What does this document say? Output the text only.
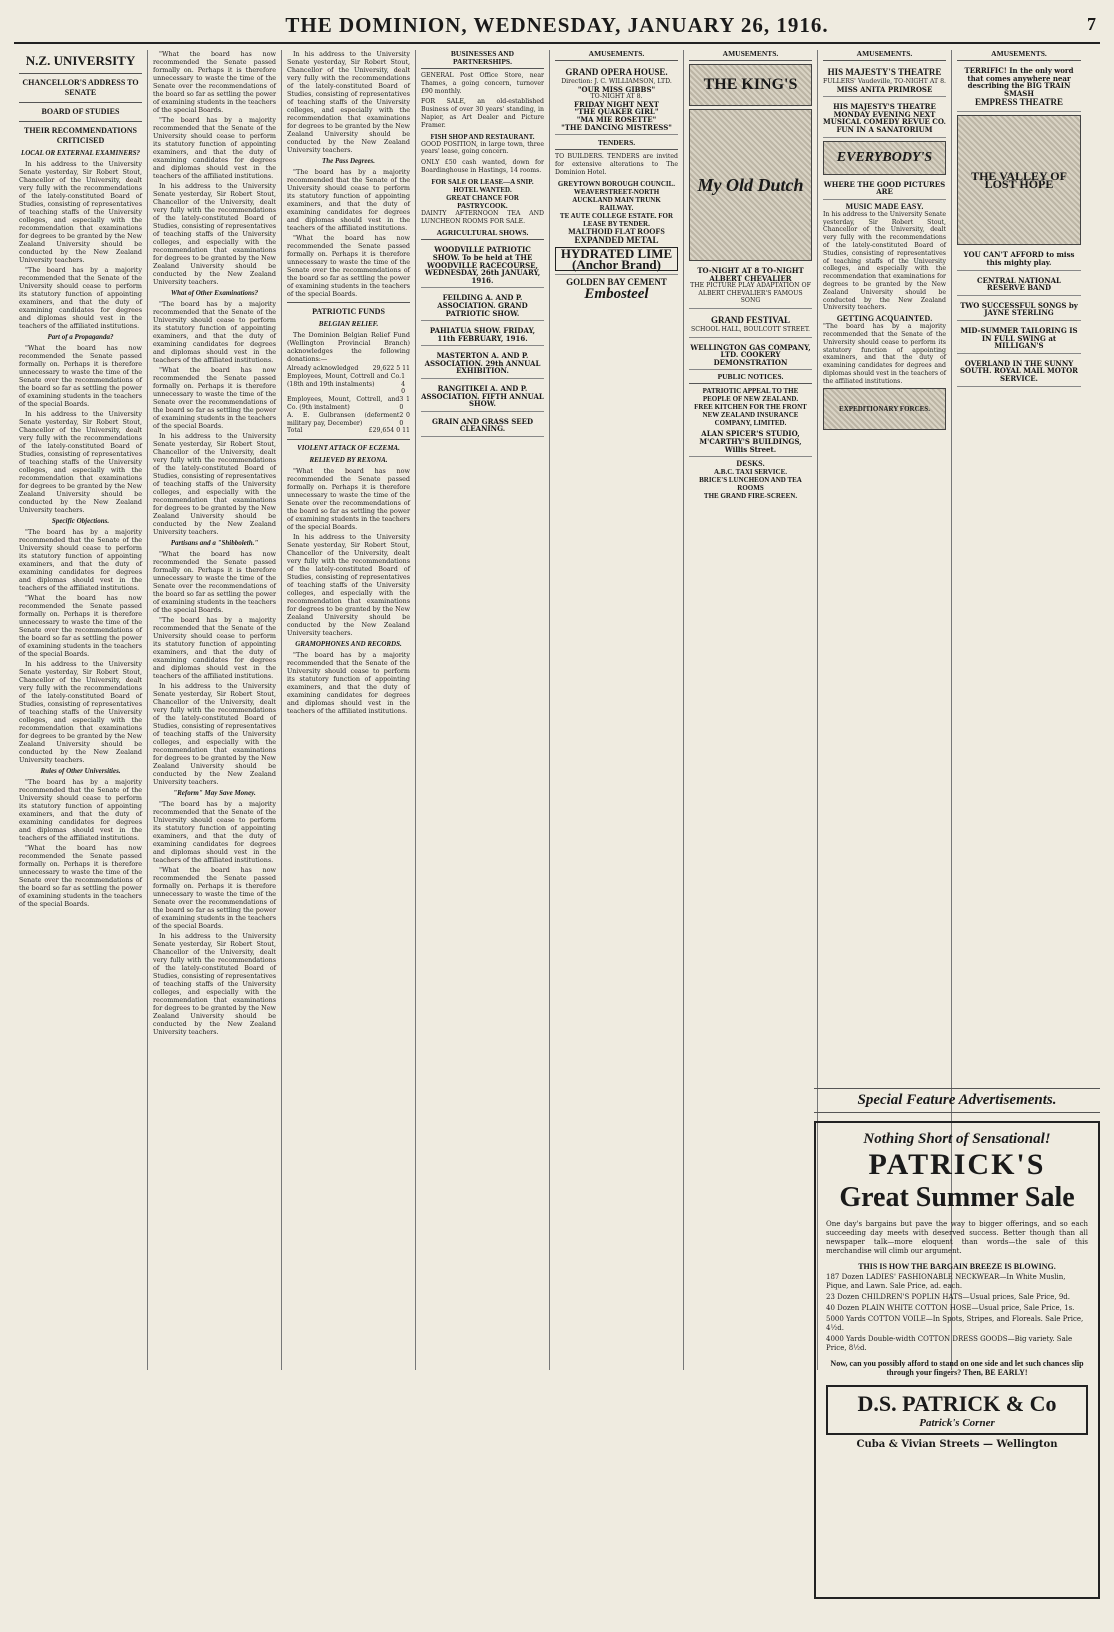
THE DOMINION, WEDNESDAY, JANUARY 26, 1916.	7
N.Z. UNIVERSITY
CHANCELLOR'S ADDRESS TO SENATE
BOARD OF STUDIES
THEIR RECOMMENDATIONS CRITICISED
LOCAL OR EXTERNAL EXAMINERS?

In his address to the University Senate yesterday, Sir Robert Stout, Chancellor of the University, dealt very fully with the recommendations of the lately-constituted Board of Studies, consisting of representatives of teaching staffs of the University colleges, and especially with the recommendation that examinations for degrees to be granted by the New Zealand University should be conducted by the New Zealand University teachers.

"The board has by a majority recommended that the Senate of the University should cease to perform its statutory function of appointing examiners, and that the duty of examining candidates for degrees and diplomas should vest in the teachers of the affiliated institutions.

Part of a Propaganda?

"What the board has now recommended the Senate passed formally on. Perhaps it is therefore unnecessary to waste the time of the Senate over the recommendations of the board so far as settling the power of examining students in the teachers of the special Boards.

In his address to the University Senate yesterday, Sir Robert Stout, Chancellor of the University, dealt very fully with the recommendations of the lately-constituted Board of Studies, consisting of representatives of teaching staffs of the University colleges, and especially with the recommendation that examinations for degrees to be granted by the New Zealand University should be conducted by the New Zealand University teachers.

Specific Objections.

"The board has by a majority recommended that the Senate of the University should cease to perform its statutory function of appointing examiners, and that the duty of examining candidates for degrees and diplomas should vest in the teachers of the affiliated institutions.

"What the board has now recommended the Senate passed formally on. Perhaps it is therefore unnecessary to waste the time of the Senate over the recommendations of the board so far as settling the power of examining students in the teachers of the special Boards.

In his address to the University Senate yesterday, Sir Robert Stout, Chancellor of the University, dealt very fully with the recommendations of the lately-constituted Board of Studies, consisting of representatives of teaching staffs of the University colleges, and especially with the recommendation that examinations for degrees to be granted by the New Zealand University should be conducted by the New Zealand University teachers.

Rules of Other Universities.

"The board has by a majority recommended that the Senate of the University should cease to perform its statutory function of appointing examiners, and that the duty of examining candidates for degrees and diplomas should vest in the teachers of the affiliated institutions.

"What the board has now recommended the Senate passed formally on. Perhaps it is therefore unnecessary to waste the time of the Senate over the recommendations of the board so far as settling the power of examining students in the teachers of the special Boards.

"What the board has now recommended the Senate passed formally on. Perhaps it is therefore unnecessary to waste the time of the Senate over the recommendations of the board so far as settling the power of examining students in the teachers of the special Boards.

"The board has by a majority recommended that the Senate of the University should cease to perform its statutory function of appointing examiners, and that the duty of examining candidates for degrees and diplomas should vest in the teachers of the affiliated institutions.

In his address to the University Senate yesterday, Sir Robert Stout, Chancellor of the University, dealt very fully with the recommendations of the lately-constituted Board of Studies, consisting of representatives of teaching staffs of the University colleges, and especially with the recommendation that examinations for degrees to be granted by the New Zealand University should be conducted by the New Zealand University teachers.

What of Other Examinations?

"The board has by a majority recommended that the Senate of the University should cease to perform its statutory function of appointing examiners, and that the duty of examining candidates for degrees and diplomas should vest in the teachers of the affiliated institutions.

"What the board has now recommended the Senate passed formally on. Perhaps it is therefore unnecessary to waste the time of the Senate over the recommendations of the board so far as settling the power of examining students in the teachers of the special Boards.

In his address to the University Senate yesterday, Sir Robert Stout, Chancellor of the University, dealt very fully with the recommendations of the lately-constituted Board of Studies, consisting of representatives of teaching staffs of the University colleges, and especially with the recommendation that examinations for degrees to be granted by the New Zealand University should be conducted by the New Zealand University teachers.

Partisans and a "Shibboleth."

"What the board has now recommended the Senate passed formally on. Perhaps it is therefore unnecessary to waste the time of the Senate over the recommendations of the board so far as settling the power of examining students in the teachers of the special Boards.

"The board has by a majority recommended that the Senate of the University should cease to perform its statutory function of appointing examiners, and that the duty of examining candidates for degrees and diplomas should vest in the teachers of the affiliated institutions.

In his address to the University Senate yesterday, Sir Robert Stout, Chancellor of the University, dealt very fully with the recommendations of the lately-constituted Board of Studies, consisting of representatives of teaching staffs of the University colleges, and especially with the recommendation that examinations for degrees to be granted by the New Zealand University should be conducted by the New Zealand University teachers.

"Reform" May Save Money.

"The board has by a majority recommended that the Senate of the University should cease to perform its statutory function of appointing examiners, and that the duty of examining candidates for degrees and diplomas should vest in the teachers of the affiliated institutions.

"What the board has now recommended the Senate passed formally on. Perhaps it is therefore unnecessary to waste the time of the Senate over the recommendations of the board so far as settling the power of examining students in the teachers of the special Boards.

In his address to the University Senate yesterday, Sir Robert Stout, Chancellor of the University, dealt very fully with the recommendations of the lately-constituted Board of Studies, consisting of representatives of teaching staffs of the University colleges, and especially with the recommendation that examinations for degrees to be granted by the New Zealand University should be conducted by the New Zealand University teachers.

In his address to the University Senate yesterday, Sir Robert Stout, Chancellor of the University, dealt very fully with the recommendations of the lately-constituted Board of Studies, consisting of representatives of teaching staffs of the University colleges, and especially with the recommendation that examinations for degrees to be granted by the New Zealand University should be conducted by the New Zealand University teachers.

The Pass Degrees.

"The board has by a majority recommended that the Senate of the University should cease to perform its statutory function of appointing examiners, and that the duty of examining candidates for degrees and diplomas should vest in the teachers of the affiliated institutions.

"What the board has now recommended the Senate passed formally on. Perhaps it is therefore unnecessary to waste the time of the Senate over the recommendations of the board so far as settling the power of examining students in the teachers of the special Boards.

PATRIOTIC FUNDS
BELGIAN RELIEF.

The Dominion Belgian Relief Fund (Wellington Provincial Branch) acknowledges the following donations:—

Already acknowledged 29,622 5 11
Employees, Mount, Cottrell and Co. (18th and 19th instalments)
1 4 0
Employees, Mount, Cottrell, and Co. (9th instalment)
3 1 0
A. E. Gulbransen (deferment military pay, December)
2 0 0
Total	£29,654 0 11
VIOLENT ATTACK OF ECZEMA.
RELIEVED BY REXONA.

"What the board has now recommended the Senate passed formally on. Perhaps it is therefore unnecessary to waste the time of the Senate over the recommendations of the board so far as settling the power of examining students in the teachers of the special Boards.

In his address to the University Senate yesterday, Sir Robert Stout, Chancellor of the University, dealt very fully with the recommendations of the lately-constituted Board of Studies, consisting of representatives of teaching staffs of the University colleges, and especially with the recommendation that examinations for degrees to be granted by the New Zealand University should be conducted by the New Zealand University teachers.

GRAMOPHONES AND RECORDS.

"The board has by a majority recommended that the Senate of the University should cease to perform its statutory function of appointing examiners, and that the duty of examining candidates for degrees and diplomas should vest in the teachers of the affiliated institutions.

BUSINESSES AND PARTNERSHIPS.
GENERAL Post Office Store, near Thames, a going concern, turnover £90 monthly.
FOR SALE, an old-established Business of over 30 years' standing, in Napier, as Art Dealer and Picture Framer.
FISH SHOP AND RESTAURANT.
GOOD POSITION, in large town, three years' lease, going concern.
ONLY £50 cash wanted, down for Boardinghouse in Hastings, 14 rooms.
FOR SALE OR LEASE—A SNIP.
HOTEL WANTED.
GREAT CHANCE FOR PASTRYCOOK.
DAINTY AFTERNOON TEA AND LUNCHEON ROOMS FOR SALE.
AGRICULTURAL SHOWS.
WOODVILLE PATRIOTIC SHOW. To be held at THE WOODVILLE RACECOURSE, WEDNESDAY, 26th JANUARY, 1916.
FEILDING A. AND P. ASSOCIATION. GRAND PATRIOTIC SHOW.
PAHIATUA SHOW. FRIDAY, 11th FEBRUARY, 1916.
MASTERTON A. AND P. ASSOCIATION. 29th ANNUAL EXHIBITION.
RANGITIKEI A. AND P. ASSOCIATION. FIFTH ANNUAL SHOW.
GRAIN AND GRASS SEED CLEANING.
AMUSEMENTS.
GRAND OPERA HOUSE.
Direction: J. C. WILLIAMSON, LTD.
"OUR MISS GIBBS"
TO-NIGHT AT 8.
FRIDAY NIGHT NEXT
"THE QUAKER GIRL"
"MA MIE ROSETTE"
"THE DANCING MISTRESS"
TENDERS.
TO BUILDERS. TENDERS are invited for extensive alterations to The Dominion Hotel.
GREYTOWN BOROUGH COUNCIL.
WEAVERSTREET-NORTH AUCKLAND MAIN TRUNK RAILWAY.
TE AUTE COLLEGE ESTATE. FOR LEASE BY TENDER.
MALTHOID FLAT ROOFS
EXPANDED METAL
HYDRATED LIME (Anchor Brand)
GOLDEN BAY CEMENT
Embosteel
AMUSEMENTS.
THE KING'S
My Old Dutch
TO-NIGHT AT 8 TO-NIGHT
ALBERT CHEVALIER
THE PICTURE PLAY ADAPTATION OF ALBERT CHEVALIER'S FAMOUS SONG
GRAND FESTIVAL
SCHOOL HALL, BOULCOTT STREET.
WELLINGTON GAS COMPANY, LTD. COOKERY DEMONSTRATION
PUBLIC NOTICES.
PATRIOTIC APPEAL TO THE PEOPLE OF NEW ZEALAND.
FREE KITCHEN FOR THE FRONT
NEW ZEALAND INSURANCE COMPANY, LIMITED.
ALAN SPICER'S STUDIO, M'CARTHY'S BUILDINGS, Willis Street.
DESKS.
A.B.C. TAXI SERVICE.
BRICE'S LUNCHEON AND TEA ROOMS
THE GRAND FIRE-SCREEN.
AMUSEMENTS.
HIS MAJESTY'S THEATRE
FULLERS' Vaudeville, TO-NIGHT AT 8.
MISS ANITA PRIMROSE
HIS MAJESTY'S THEATRE MONDAY EVENING NEXT
MUSICAL COMEDY REVUE CO.
FUN IN A SANATORIUM
EVERYBODY'S
WHERE THE GOOD PICTURES ARE
MUSIC MADE EASY.
In his address to the University Senate yesterday, Sir Robert Stout, Chancellor of the University, dealt very fully with the recommendations of the lately-constituted Board of Studies, consisting of representatives of teaching staffs of the University colleges, and especially with the recommendation that examinations for degrees to be granted by the New Zealand University should be conducted by the New Zealand University teachers.
GETTING ACQUAINTED.
"The board has by a majority recommended that the Senate of the University should cease to perform its statutory function of appointing examiners, and that the duty of examining candidates for degrees and diplomas should vest in the teachers of the affiliated institutions.
EXPEDITIONARY FORCES.
AMUSEMENTS.
TERRIFIC! In the only word that comes anywhere near describing the BIG TRAIN SMASH
EMPRESS THEATRE
THE VALLEY OF LOST HOPE
YOU CAN'T AFFORD to miss this mighty play.
CENTRAL NATIONAL RESERVE BAND
TWO SUCCESSFUL SONGS by JAYNE STERLING
MID-SUMMER TAILORING IS IN FULL SWING at MILLIGAN'S
OVERLAND IN THE SUNNY SOUTH. ROYAL MAIL MOTOR SERVICE.
Special Feature Advertisements.
Nothing Short of Sensational!
PATRICK'S
Great Summer Sale
One day's bargains but pave the way to bigger offerings, and so each succeeding day meets with deserved success. Better though than all newspaper talk—more eloquent than words—the sale of this merchandise will climb our argument.
THIS IS HOW THE BARGAIN BREEZE IS BLOWING.
187 Dozen LADIES' FASHIONABLE NECKWEAR—In White Muslin, Pique, and Lawn. Sale Price, ad. each.
23 Dozen CHILDREN'S POPLIN HATS—Usual prices, Sale Price, 9d.
40 Dozen PLAIN WHITE COTTON HOSE—Usual price, Sale Price, 1s.
5000 Yards COTTON VOILE—In Spots, Stripes, and Floreals. Sale Price, 4½d.
4000 Yards Double-width COTTON DRESS GOODS—Big variety. Sale Price, 8½d.
Now, can you possibly afford to stand on one side and let such chances slip through your fingers? Then, BE EARLY!
D.S. PATRICK & Co
Patrick's Corner
Cuba & Vivian Streets — Wellington
